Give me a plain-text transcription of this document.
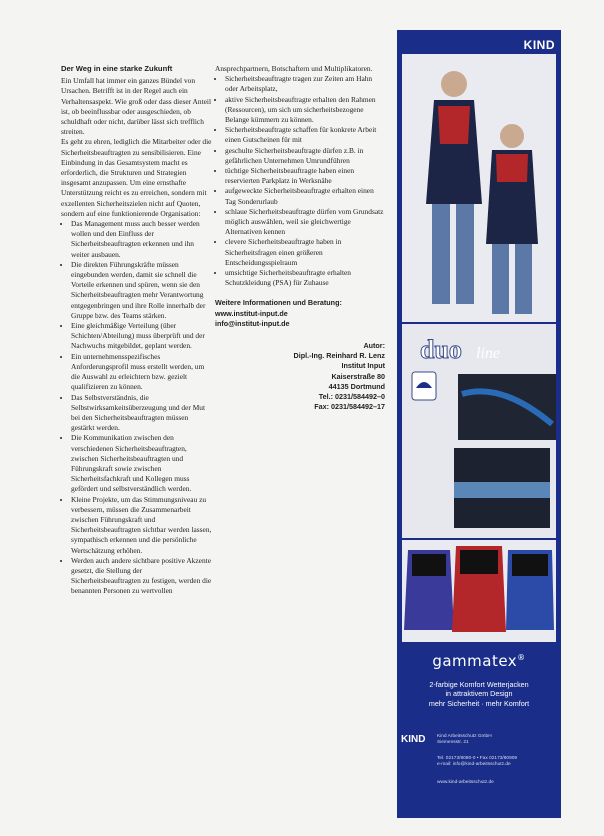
Der Weg in eine starke Zukunft

Ein Umfall hat immer ein ganzes Bündel von Ursachen. Betrifft ist in der Regel auch ein Verhaltensaspekt. Wie groß oder dass dieser Anteil ist, ob beeinflussbar oder ausgeschieden, ob schuldhaft oder nicht, darüber lässt sich trefflich streiten.

Es geht zu ehren, lediglich die Mitarbeiter oder die Sicherheitsbeauftragten zu sensibilisieren. Eine Einbindung in das Gesamtsystem macht es erforderlich, die Strukturen und Strategien insgesamt anzupassen. Um eine ernsthafte Unterstützung reicht es zu erreichen, sondern mit exzellenten Sicherheitszielen nicht auf Quoten, sondern auf eine funktionierende Organisation:

• Das Management muss auch besser werden wollen und den Einfluss der Sicherheitsbeauftragten erkennen und ihn weiter ausbauen.
• Die direkten Führungskräfte müssen eingebunden werden, damit sie schnell die Vorteile erkennen und spüren, wenn sie den Sicherheitsbeauftragten mehr Verantwortung entgegenbringen und ihre Rolle innerhalb der Gruppe bzw. des Teams stärken.
• Eine gleichmäßige Verteilung (über Schichten/Abteilung) muss überprüft und der Nachwuchs mitgebildet, geplant werden.
• Ein unternehmensspezifisches Anforderungsprofil muss erstellt werden, um die Auswahl zu erleichtern bzw. gezielt qualifizieren zu können.
• Das Selbstverständnis, die Selbstwirksamkeitsüberzeugung und der Mut bei den Sicherheitsbeauftragten müssen gestärkt werden.
• Die Kommunikation zwischen den verschiedenen Sicherheitsbeauftragten, zwischen Sicherheitsbeauftragten und Führungskraft sowie zwischen Sicherheitsfachkraft und Kollegen muss gefördert und selbstverständlich werden.
• Kleine Projekte, um das Stimmungsniveau zu verbessern, müssen die Zusammenarbeit zwischen Führungskraft und Sicherheitsbeauftragten sichtbar werden lassen, sympathisch erkennen und die persönliche Wertschätzung erhöhen.
• Werden auch andere sichtbare positive Akzente gesetzt, die Stellung der Sicherheitsbeauftragten zu festigen, werden die benannten Personen zu wertvollen

Ansprechpartnern, Botschaftern und Multiplikatoren.

• Sicherheitsbeauftragte tragen zur Zeiten am Hahn oder Arbeitsplatz,
• aktive Sicherheitsbeauftragte erhalten den Rahmen (Ressourcen), um sich um sicherheitsbezogene Belange kümmern zu können.
• Sicherheitsbeauftragte schaffen für konkrete Arbeit einen Gutscheinen für mit
• geschulte Sicherheitsbeauftragte dürfen z.B. in gefährlichen Unternehmen Umrundführen
• tüchtige Sicherheitsbeauftragte haben einen reservierten Parkplatz in Werksnähe
• aufgeweckte Sicherheitsbeauftragte erhalten einen Tag Sonderurlaub
• schlaue Sicherheitsbeauftragte dürfen vom Grundsatz möglich auswählen, weil sie gleichwertige Alternativen kennen
• clevere Sicherheitsbeauftragte haben in Sicherheitsfragen einen größeren Entscheidungsspielraum
• umsichtige Sicherheitsbeauftragte erhalten Schutzkleidung (PSA) für Zuhause
Weitere Informationen und Beratung:
www.institut-input.de
info@institut-input.de
Autor:
Dipl.-Ing. Reinhard R. Lenz
Institut Input
Kaiserstraße 80
44135 Dortmund
Tel.: 0231/584492–0
Fax: 0231/584492–17
KIND
duo line
gammatex®
2-farbige Komfort Wetterjacken
in attraktivem Design
mehr Sicherheit · mehr Komfort
KIND Kind Arbeitsschutz GmbH
Siemensstr. 21
Tel. 02173/8090-0 • Fax 02173/80909
e-mail: info@kind-arbeitsschutz.de
www.kind-arbeitsschutz.de
